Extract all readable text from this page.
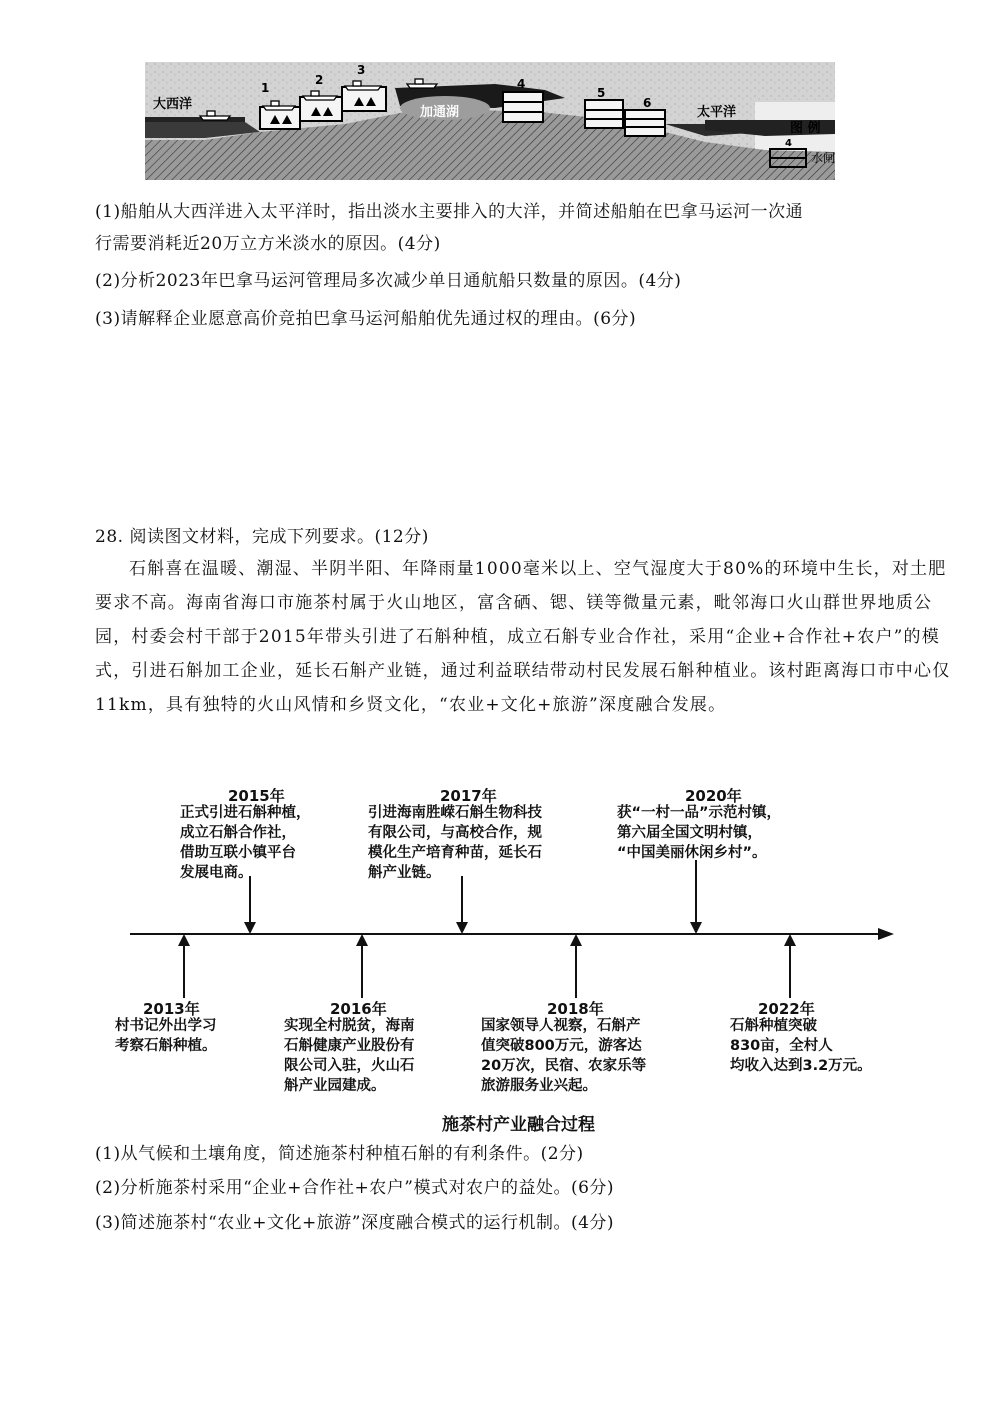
大西洋
加通湖	太平洋
1
2
3
4
5
6
图 例
4
水闸
(1)船舶从大西洋进入太平洋时，指出淡水主要排入的大洋，并简述船舶在巴拿马运河一次通
行需要消耗近20万立方米淡水的原因。(4分)
(2)分析2023年巴拿马运河管理局多次减少单日通航船只数量的原因。(4分)
(3)请解释企业愿意高价竞拍巴拿马运河船舶优先通过权的理由。(6分)
28. 阅读图文材料，完成下列要求。(12分)
石斛喜在温暖、潮湿、半阴半阳、年降雨量1000毫米以上、空气湿度大于80%的环境中生长，对土肥要求不高。海南省海口市施茶村属于火山地区，富含硒、锶、镁等微量元素，毗邻海口火山群世界地质公园，村委会村干部于2015年带头引进了石斛种植，成立石斛专业合作社，采用“企业+合作社+农户”的模式，引进石斛加工企业，延长石斛产业链，通过利益联结带动村民发展石斛种植业。该村距离海口市中心仅11km，具有独特的火山风情和乡贤文化，“农业+文化+旅游”深度融合发展。
2015年
正式引进石斛种植，
成立石斛合作社，
借助互联小镇平台
发展电商。
2017年
引进海南胜嵘石斛生物科技
有限公司，与高校合作，规
模化生产培育种苗，延长石
斛产业链。
2020年
获“一村一品”示范村镇，
第六届全国文明村镇，
“中国美丽休闲乡村”。
2013年
村书记外出学习
考察石斛种植。
2016年
实现全村脱贫，海南
石斛健康产业股份有
限公司入驻，火山石
斛产业园建成。
2018年
国家领导人视察，石斛产
值突破800万元，游客达
20万次，民宿、农家乐等
旅游服务业兴起。
2022年
石斛种植突破
830亩，全村人
均收入达到3.2万元。
施茶村产业融合过程
(1)从气候和土壤角度，简述施茶村种植石斛的有利条件。(2分)
(2)分析施茶村采用“企业+合作社+农户”模式对农户的益处。(6分)
(3)简述施茶村“农业+文化+旅游”深度融合模式的运行机制。(4分)
